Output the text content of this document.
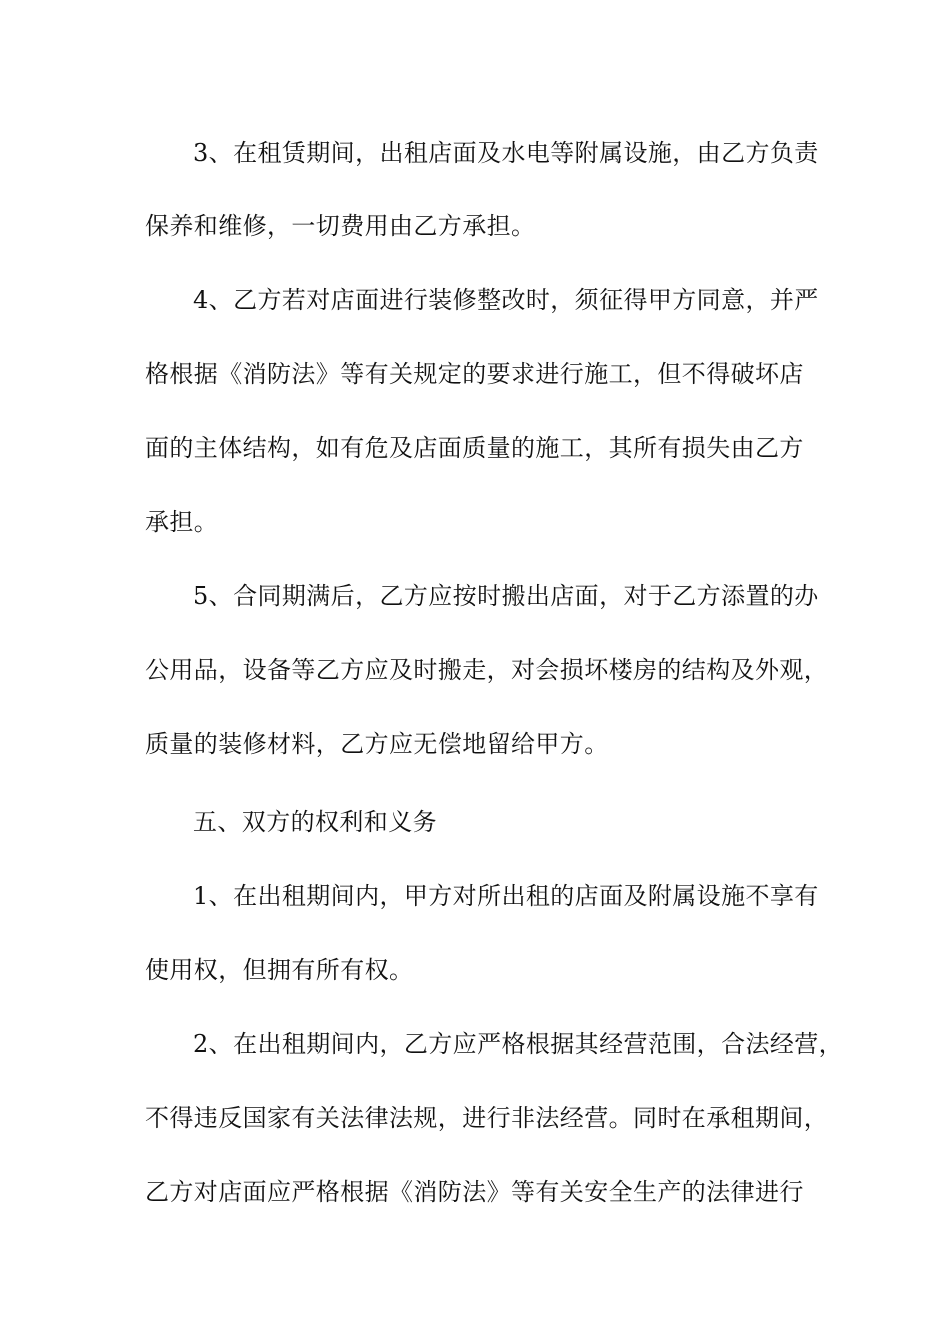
3、在租赁期间，出租店面及水电等附属设施，由乙方负责
保养和维修，一切费用由乙方承担。
4、乙方若对店面进行装修整改时，须征得甲方同意，并严
格根据《消防法》等有关规定的要求进行施工，但不得破坏店
面的主体结构，如有危及店面质量的施工，其所有损失由乙方
承担。
5、合同期满后，乙方应按时搬出店面，对于乙方添置的办
公用品，设备等乙方应及时搬走，对会损坏楼房的结构及外观，
质量的装修材料，乙方应无偿地留给甲方。
五、双方的权利和义务
1、在出租期间内，甲方对所出租的店面及附属设施不享有
使用权，但拥有所有权。
2、在出租期间内，乙方应严格根据其经营范围，合法经营，
不得违反国家有关法律法规，进行非法经营。同时在承租期间，
乙方对店面应严格根据《消防法》等有关安全生产的法律进行
